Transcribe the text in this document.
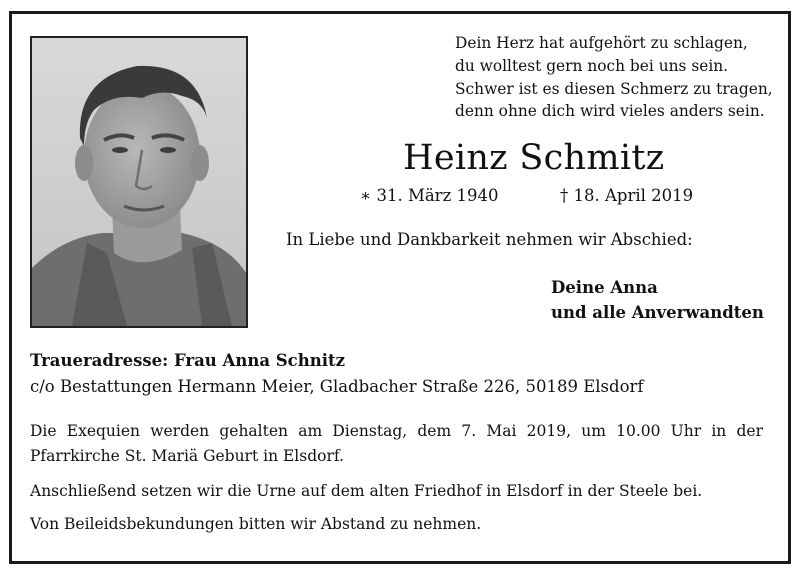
Dein Herz hat aufgehört zu schlagen,
du wolltest gern noch bei uns sein.
Schwer ist es diesen Schmerz zu tragen,
denn ohne dich wird vieles anders sein.
Heinz Schmitz
∗ 31. März 1940	† 18. April 2019
In Liebe und Dankbarkeit nehmen wir Abschied:
Deine Anna
und alle Anverwandten
Traueradresse: Frau Anna Schnitz
c/o Bestattungen Hermann Meier, Gladbacher Straße 226, 50189 Elsdorf
Die Exequien werden gehalten am Dienstag, dem 7. Mai 2019, um 10.00 Uhr in der
Pfarrkirche St. Mariä Geburt in Elsdorf.
Anschließend setzen wir die Urne auf dem alten Friedhof in Elsdorf in der Steele bei.
Von Beileidsbekundungen bitten wir Abstand zu nehmen.
